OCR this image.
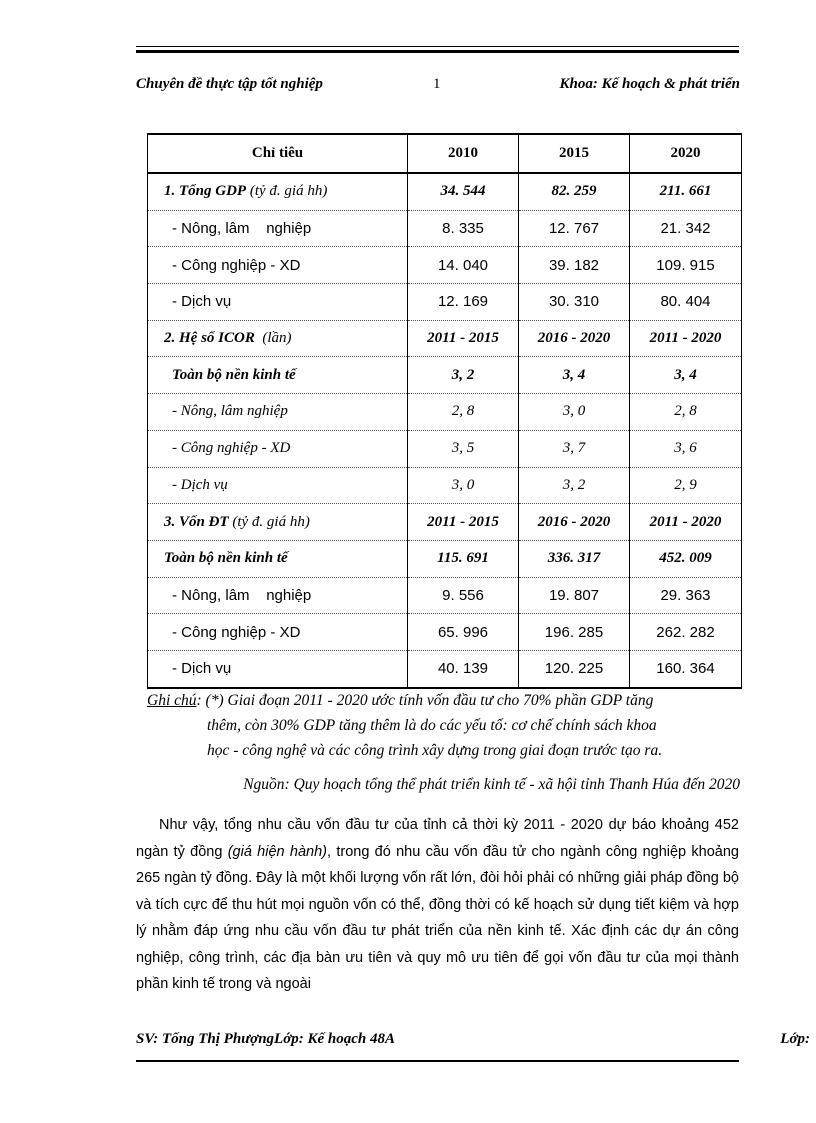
Chuyên đề thực tập tốt nghiệp	1	Khoa: Kế hoạch & phát triển
Chỉ tiêu	2010	2015	2020
1. Tổng GDP (tỷ đ. giá hh)	34. 544	82. 259	211. 661
- Nông, lâm    nghiệp	8. 335	12. 767	21. 342
- Công nghiệp - XD	14. 040	39. 182	109. 915
- Dịch vụ	12. 169	30. 310	80. 404
2. Hệ số ICOR  (lần)	2011 - 2015	2016 - 2020	2011 - 2020
Toàn bộ nền kinh tế	3, 2	3, 4	3, 4
- Nông, lâm nghiệp	2, 8	3, 0	2, 8
- Công nghiệp - XD	3, 5	3, 7	3, 6
- Dịch vụ	3, 0	3, 2	2, 9
3. Vốn ĐT (tỷ đ. giá hh)	2011 - 2015	2016 - 2020	2011 - 2020
Toàn bộ nền kinh tế	115. 691	336. 317	452. 009
- Nông, lâm    nghiệp	9. 556	19. 807	29. 363
- Công nghiệp - XD	65. 996	196. 285	262. 282
- Dịch vụ	40. 139	120. 225	160. 364
Ghi chú: (*) Giai đoạn 2011 - 2020 ước tính vốn đầu tư cho 70% phần GDP tăng
thêm, còn 30% GDP tăng thêm là do các yếu tố: cơ chế chính sách khoa
học - công nghệ và các công trình xây dựng trong giai đoạn trước tạo ra.
Nguồn: Quy hoạch tổng thể phát triển kinh tế - xã hội tỉnh Thanh Húa đến 2020
Như vậy, tổng nhu cầu vốn đầu tư của tỉnh cả thời kỳ 2011 - 2020 dự báo khoảng 452 ngàn tỷ đồng (giá hiện hành), trong đó nhu cầu vốn đầu tử cho ngành công nghiệp khoảng 265 ngàn tỷ đồng. Đây là một khối lượng vốn rất lớn, đòi hỏi phải có những giải pháp đồng bộ và tích cực để thu hút mọi nguồn vốn có thể, đồng thời có kế hoạch sử dụng tiết kiệm và hợp lý nhằm đáp ứng nhu cầu vốn đầu tư phát triển của nền kinh tế. Xác định các dự án công nghiệp, công trình, các địa bàn ưu tiên và quy mô ưu tiên để gọi vốn đầu tư của mọi thành phần kinh tế trong và ngoài
SV: Tống Thị PhượngLớp: Kế hoạch 48A	Lớp:
